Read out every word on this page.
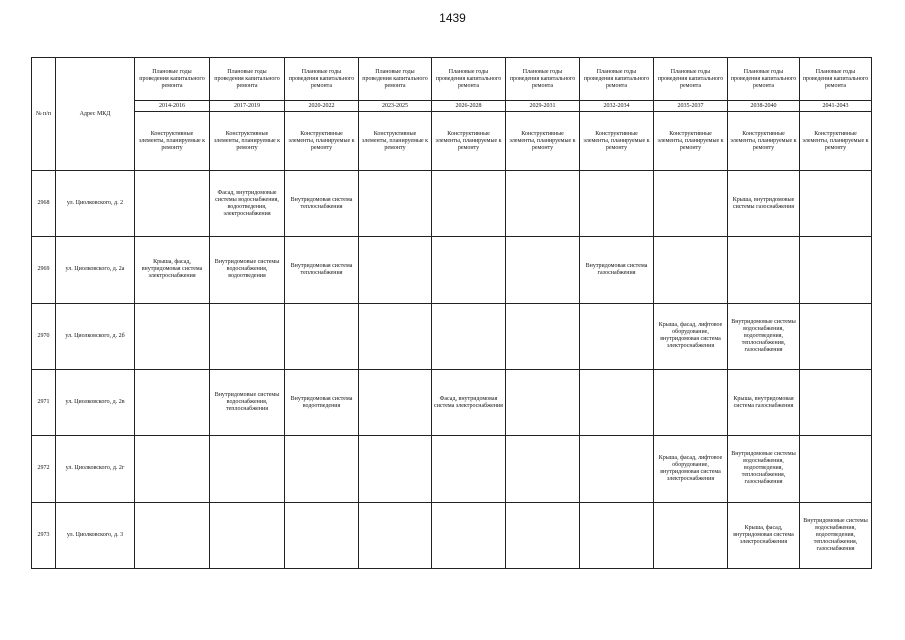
1439
№ п/п	Адрес МКД	Плановые годы проведения капитального ремонта	Плановые годы проведения капитального ремонта	Плановые годы проведения капитального ремонта	Плановые годы проведения капитального ремонта	Плановые годы проведения капитального ремонта	Плановые годы проведения капитального ремонта	Плановые годы проведения капитального ремонта	Плановые годы проведения капитального ремонта	Плановые годы проведения капитального ремонта	Плановые годы проведения капитального ремонта
		2014-2016	2017-2019	2020-2022	2023-2025	2026-2028	2029-2031	2032-2034	2035-2037	2038-2040	2041-2043
		Конструктивные элементы, планируемые к ремонту	Конструктивные элементы, планируемые к ремонту	Конструктивные элементы, планируемые к ремонту	Конструктивные элементы, планируемые к ремонту	Конструктивные элементы, планируемые к ремонту	Конструктивные элементы, планируемые к ремонту	Конструктивные элементы, планируемые к ремонту	Конструктивные элементы, планируемые к ремонту	Конструктивные элементы, планируемые к ремонту	Конструктивные элементы, планируемые к ремонту
2968	ул. Циолковского, д. 2		Фасад, внутридомовые системы водоснабжения, водоотведения, электроснабжения	Внутридомовая система теплоснабжения						Крыша, внутридомовые системы газоснабжения	
2969	ул. Циолковского, д. 2а	Крыша, фасад, внутридомовая система электроснабжения	Внутридомовые системы водоснабжения, водоотведения	Внутридомовая система теплоснабжения				Внутридомовая система газоснабжения			
2970	ул. Циолковского, д. 2б								Крыша, фасад, лифтовое оборудование, внутридомовая система электроснабжения	Внутридомовые системы водоснабжения, водоотведения, теплоснабжения, газоснабжения	
2971	ул. Циолковского, д. 2в		Внутридомовые системы водоснабжения, теплоснабжения	Внутридомовая система водоотведения		Фасад, внутридомовая система электроснабжения				Крыша, внутридомовая система газоснабжения	
2972	ул. Циолковского, д. 2г								Крыша, фасад, лифтовое оборудование, внутридомовая система электроснабжения	Внутридомовые системы водоснабжения, водоотведения, теплоснабжения, газоснабжения	
2973	ул. Циолковского, д. 3									Крыша, фасад, внутридомовая система электроснабжения	Внутридомовые системы водоснабжения, водоотведения, теплоснабжения, газоснабжения
